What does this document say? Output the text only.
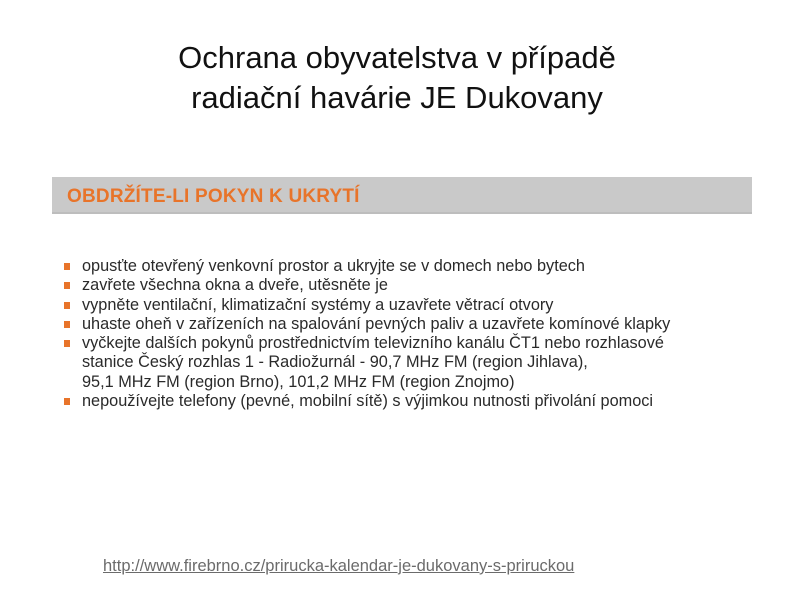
Ochrana obyvatelstva v případě
radiační havárie JE Dukovany
OBDRŽÍTE-LI POKYN K UKRYTÍ
opusťte otevřený venkovní prostor a ukryjte se v domech nebo bytech
zavřete všechna okna a dveře, utěsněte je
vypněte ventilační, klimatizační systémy a uzavřete větrací otvory
uhaste oheň v zařízeních na spalování pevných paliv a uzavřete komínové klapky
vyčkejte dalších pokynů prostřednictvím televizního kanálu ČT1 nebo rozhlasové
stanice Český rozhlas 1 - Radiožurnál - 90,7 MHz FM (region Jihlava),
95,1 MHz FM (region Brno), 101,2 MHz FM (region Znojmo)
nepoužívejte telefony (pevné, mobilní sítě) s výjimkou nutnosti přivolání pomoci
http://www.firebrno.cz/prirucka-kalendar-je-dukovany-s-priruckou
